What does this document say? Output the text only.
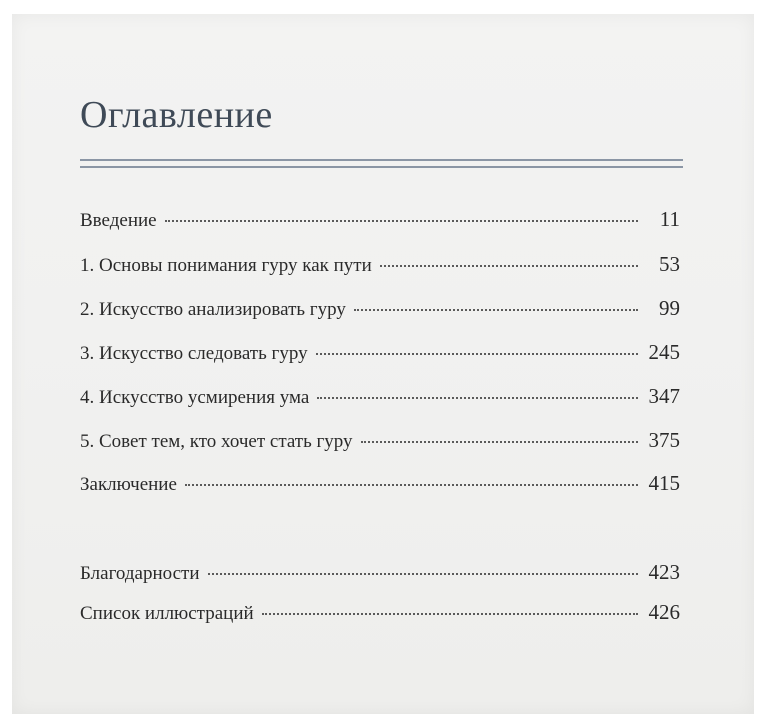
Оглавление
Введение	11
1. Основы понимания гуру как пути	53
2. Искусство анализировать гуру	99
3. Искусство следовать гуру	245
4. Искусство усмирения ума	347
5. Совет тем, кто хочет стать гуру	375
Заключение	415
Благодарности	423
Список иллюстраций	426
